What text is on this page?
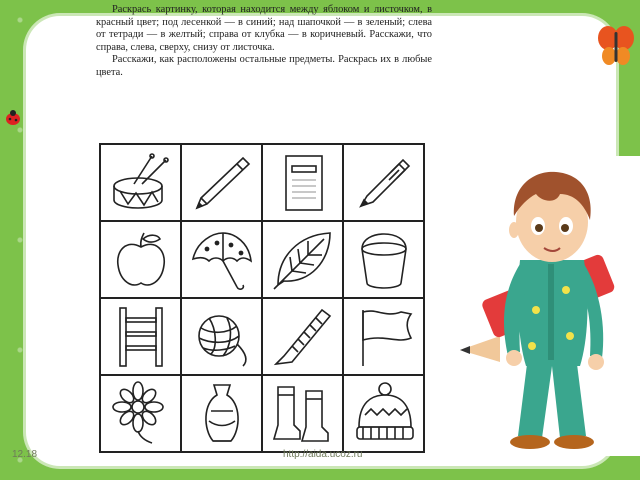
Раскрась картинку, которая находится между яблоком и листочком, в красный цвет; под лесенкой — в синий; над шапочкой — в зеленый; слева от тетради — в желтый; справа от клубка — в коричневый. Расскажи, что справа, слева, сверху, снизу от листочка.

Расскажи, как расположены остальные предметы. Раскрась их в любые цвета.

12.18	http://aida.ucoz.ru
